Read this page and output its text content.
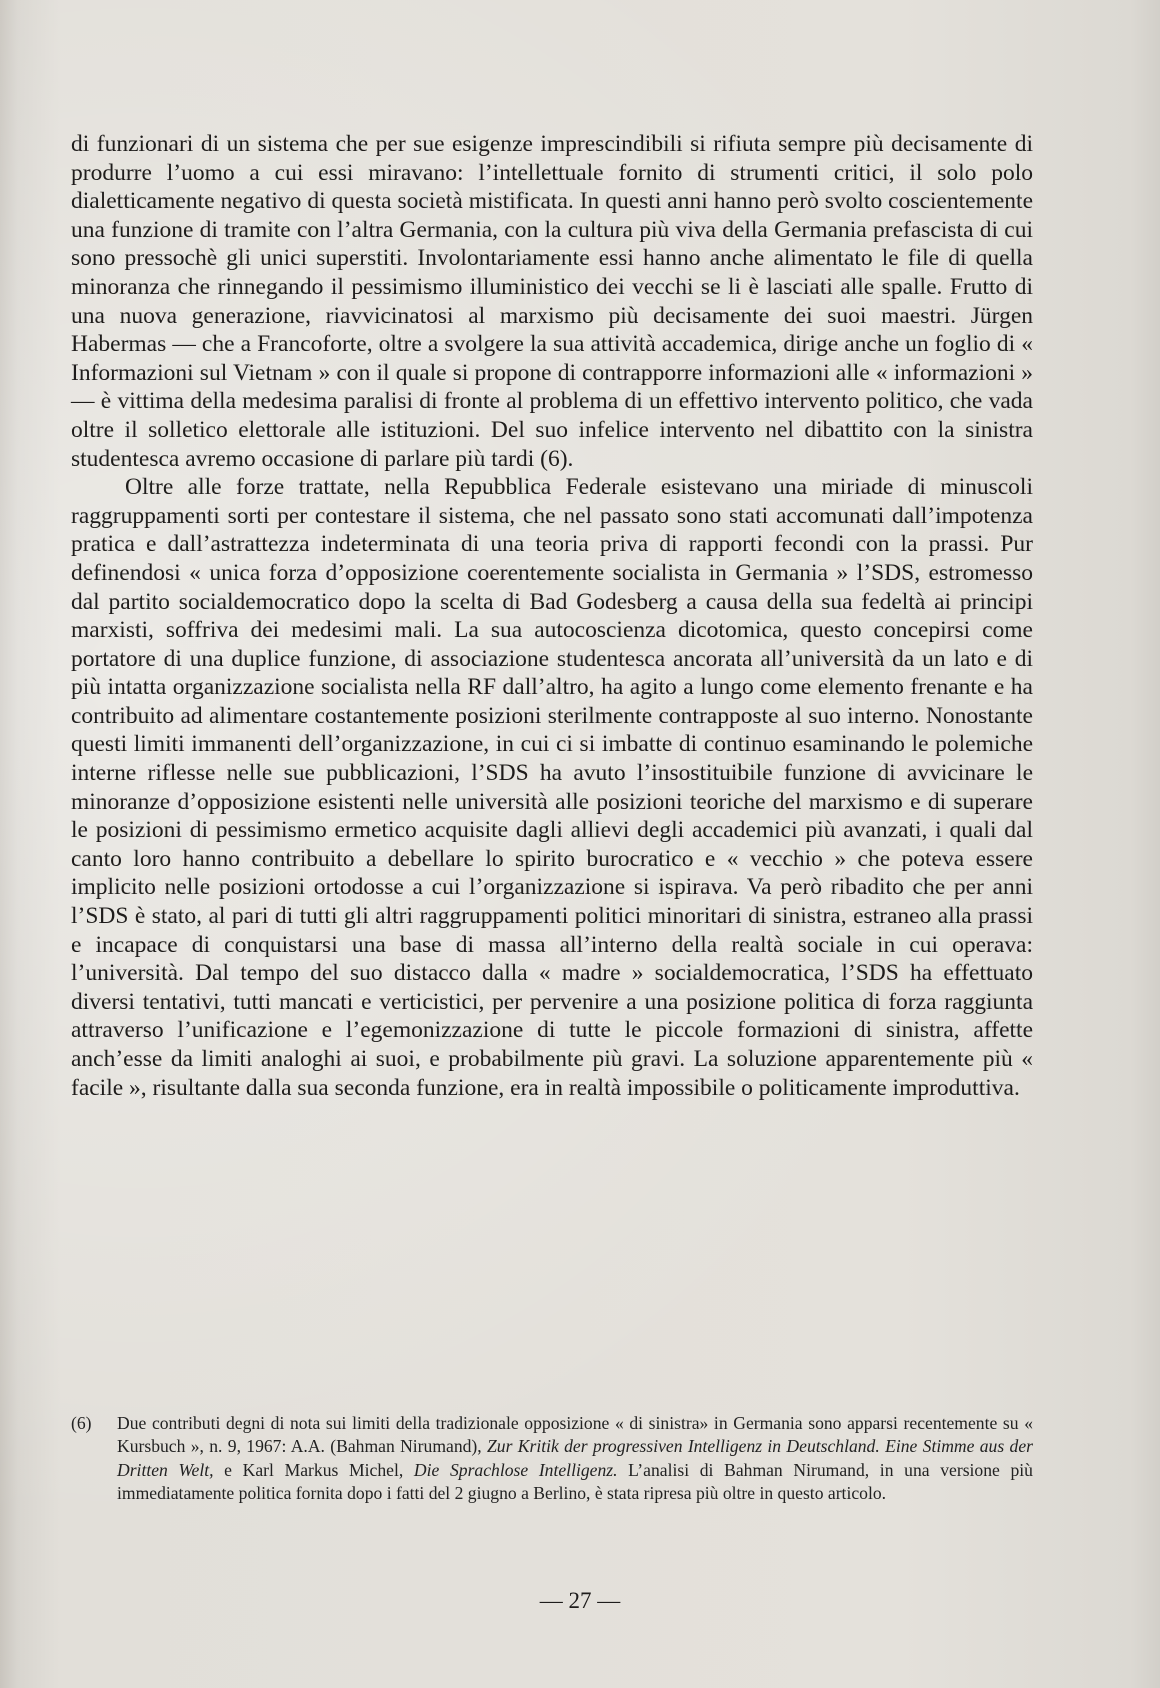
di funzionari di un sistema che per sue esigenze imprescindibili si rifiuta sempre più decisamente di produrre l’uomo a cui essi miravano: l’intellettuale fornito di strumenti critici, il solo polo dialetticamente negativo di questa società mistificata. In questi anni hanno però svolto coscientemente una funzione di tramite con l’altra Germania, con la cultura più viva della Germania prefascista di cui sono pressochè gli unici superstiti. Involontariamente essi hanno anche alimentato le file di quella minoranza che rinnegando il pessimismo illuministico dei vecchi se li è lasciati alle spalle. Frutto di una nuova generazione, riavvicinatosi al marxismo più decisamente dei suoi maestri. Jürgen Habermas — che a Francoforte, oltre a svolgere la sua attività accademica, dirige anche un foglio di « Informazioni sul Vietnam » con il quale si propone di contrapporre informazioni alle « informazioni » — è vittima della medesima paralisi di fronte al problema di un effettivo intervento politico, che vada oltre il solletico elettorale alle istituzioni. Del suo infelice intervento nel dibattito con la sinistra studentesca avremo occasione di parlare più tardi (6).

Oltre alle forze trattate, nella Repubblica Federale esistevano una miriade di minuscoli raggruppamenti sorti per contestare il sistema, che nel passato sono stati accomunati dall’impotenza pratica e dall’astrattezza indeterminata di una teoria priva di rapporti fecondi con la prassi. Pur definendosi « unica forza d’opposizione coerentemente socialista in Germania » l’SDS, estromesso dal partito socialdemocratico dopo la scelta di Bad Godesberg a causa della sua fedeltà ai principi marxisti, soffriva dei medesimi mali. La sua autocoscienza dicotomica, questo concepirsi come portatore di una duplice funzione, di associazione studentesca ancorata all’università da un lato e di più intatta organizzazione socialista nella RF dall’altro, ha agito a lungo come elemento frenante e ha contribuito ad alimentare costantemente posizioni sterilmente contrapposte al suo interno. Nonostante questi limiti immanenti dell’organizzazione, in cui ci si imbatte di continuo esaminando le polemiche interne riflesse nelle sue pubblicazioni, l’SDS ha avuto l’insostituibile funzione di avvicinare le minoranze d’opposizione esistenti nelle università alle posizioni teoriche del marxismo e di superare le posizioni di pessimismo ermetico acquisite dagli allievi degli accademici più avanzati, i quali dal canto loro hanno contribuito a debellare lo spirito burocratico e « vecchio » che poteva essere implicito nelle posizioni ortodosse a cui l’organizzazione si ispirava. Va però ribadito che per anni l’SDS è stato, al pari di tutti gli altri raggruppamenti politici minoritari di sinistra, estraneo alla prassi e incapace di conquistarsi una base di massa all’interno della realtà sociale in cui operava: l’università. Dal tempo del suo distacco dalla « madre » socialdemocratica, l’SDS ha effettuato diversi tentativi, tutti mancati e verticistici, per pervenire a una posizione politica di forza raggiunta attraverso l’unificazione e l’egemonizzazione di tutte le piccole formazioni di sinistra, affette anch’esse da limiti analoghi ai suoi, e probabilmente più gravi. La soluzione apparentemente più « facile », risultante dalla sua seconda funzione, era in realtà impossibile o politicamente improduttiva.

(6) Due contributi degni di nota sui limiti della tradizionale opposizione « di sinistra» in Germania sono apparsi recentemente su « Kursbuch », n. 9, 1967: A.A. (Bahman Nirumand), Zur Kritik der progressiven Intelligenz in Deutschland. Eine Stimme aus der Dritten Welt, e Karl Markus Michel, Die Sprachlose Intelligenz. L’analisi di Bahman Nirumand, in una versione più immediatamente politica fornita dopo i fatti del 2 giugno a Berlino, è stata ripresa più oltre in questo articolo.

— 27 —
